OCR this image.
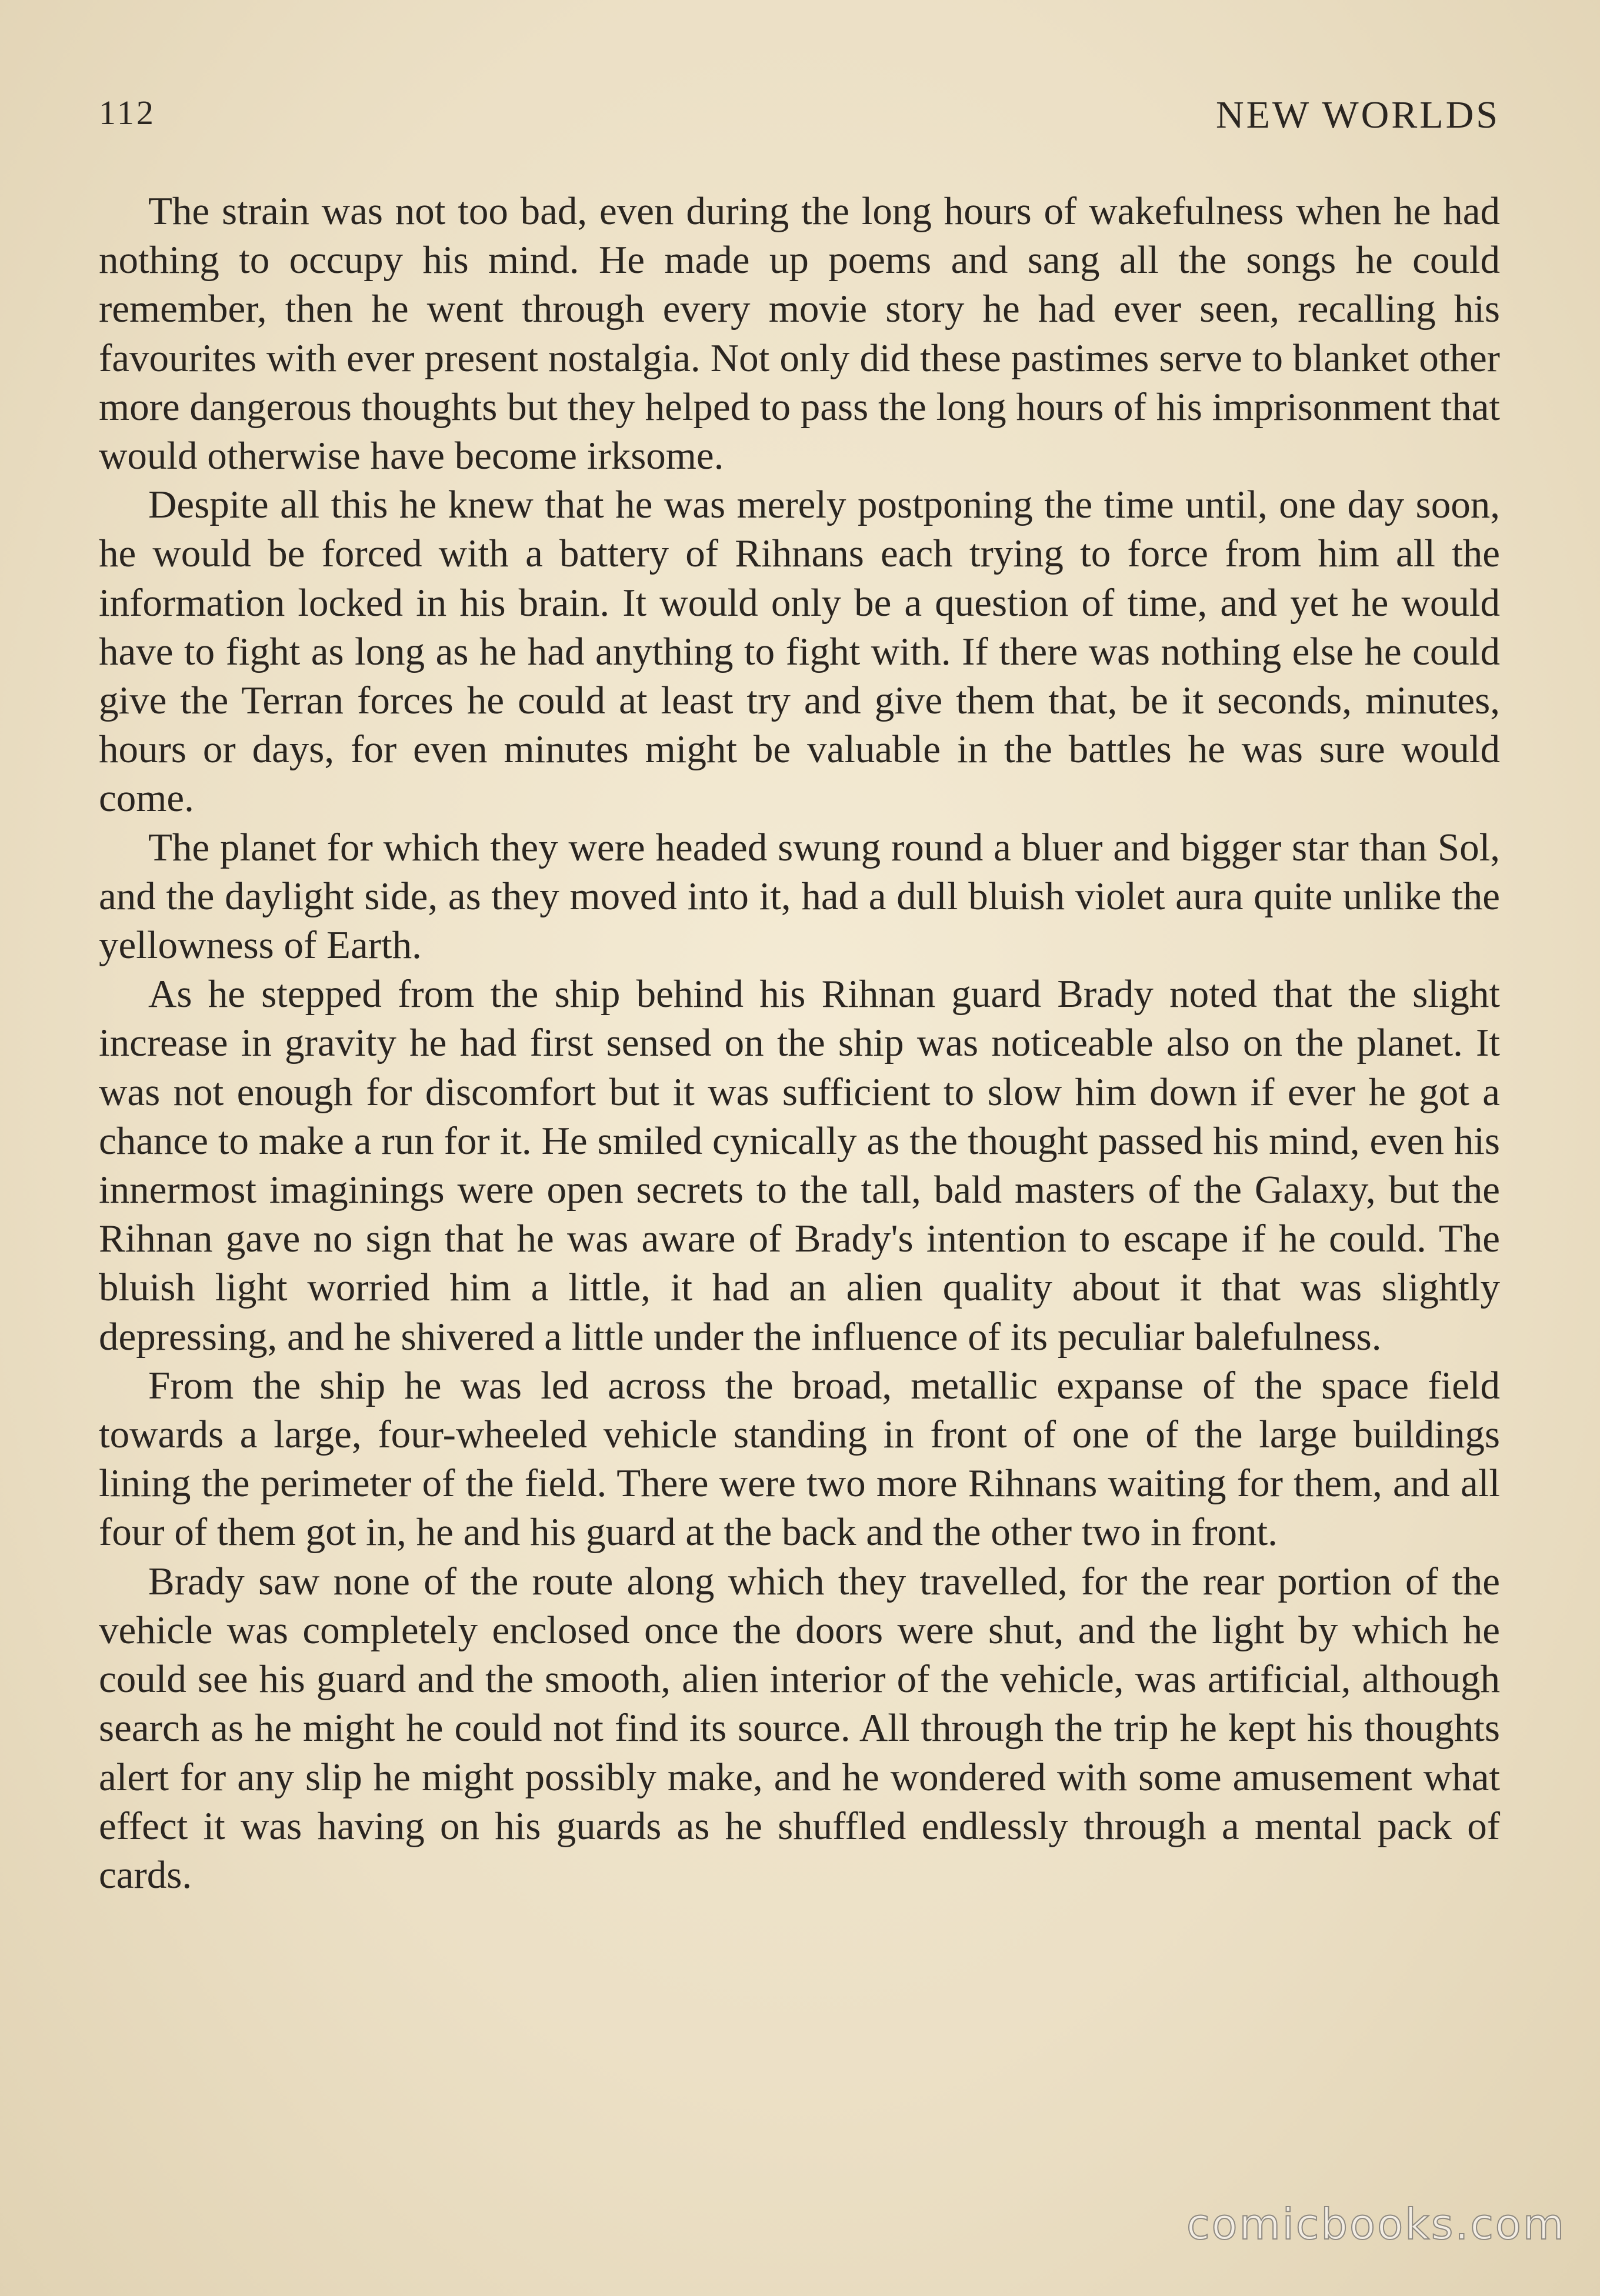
112	NEW WORLDS

The strain was not too bad, even during the long hours of wakefulness when he had nothing to occupy his mind. He made up poems and sang all the songs he could remember, then he went through every movie story he had ever seen, recalling his favourites with ever present nostalgia. Not only did these pastimes serve to blanket other more dangerous thoughts but they helped to pass the long hours of his imprisonment that would otherwise have become irksome.

Despite all this he knew that he was merely postponing the time until, one day soon, he would be forced with a battery of Rihnans each trying to force from him all the information locked in his brain. It would only be a question of time, and yet he would have to fight as long as he had anything to fight with. If there was nothing else he could give the Terran forces he could at least try and give them that, be it seconds, minutes, hours or days, for even minutes might be valuable in the battles he was sure would come.

The planet for which they were headed swung round a bluer and bigger star than Sol, and the daylight side, as they moved into it, had a dull bluish violet aura quite unlike the yellowness of Earth.

As he stepped from the ship behind his Rihnan guard Brady noted that the slight increase in gravity he had first sensed on the ship was noticeable also on the planet. It was not enough for discomfort but it was sufficient to slow him down if ever he got a chance to make a run for it. He smiled cynically as the thought passed his mind, even his innermost imaginings were open secrets to the tall, bald masters of the Galaxy, but the Rihnan gave no sign that he was aware of Brady's intention to escape if he could. The bluish light worried him a little, it had an alien quality about it that was slightly depressing, and he shivered a little under the influence of its peculiar balefulness.

From the ship he was led across the broad, metallic expanse of the space field towards a large, four-wheeled vehicle standing in front of one of the large buildings lining the perimeter of the field. There were two more Rihnans waiting for them, and all four of them got in, he and his guard at the back and the other two in front.

Brady saw none of the route along which they travelled, for the rear portion of the vehicle was completely enclosed once the doors were shut, and the light by which he could see his guard and the smooth, alien interior of the vehicle, was artificial, although search as he might he could not find its source. All through the trip he kept his thoughts alert for any slip he might possibly make, and he wondered with some amusement what effect it was having on his guards as he shuffled endlessly through a mental pack of cards.

comicbooks.com
